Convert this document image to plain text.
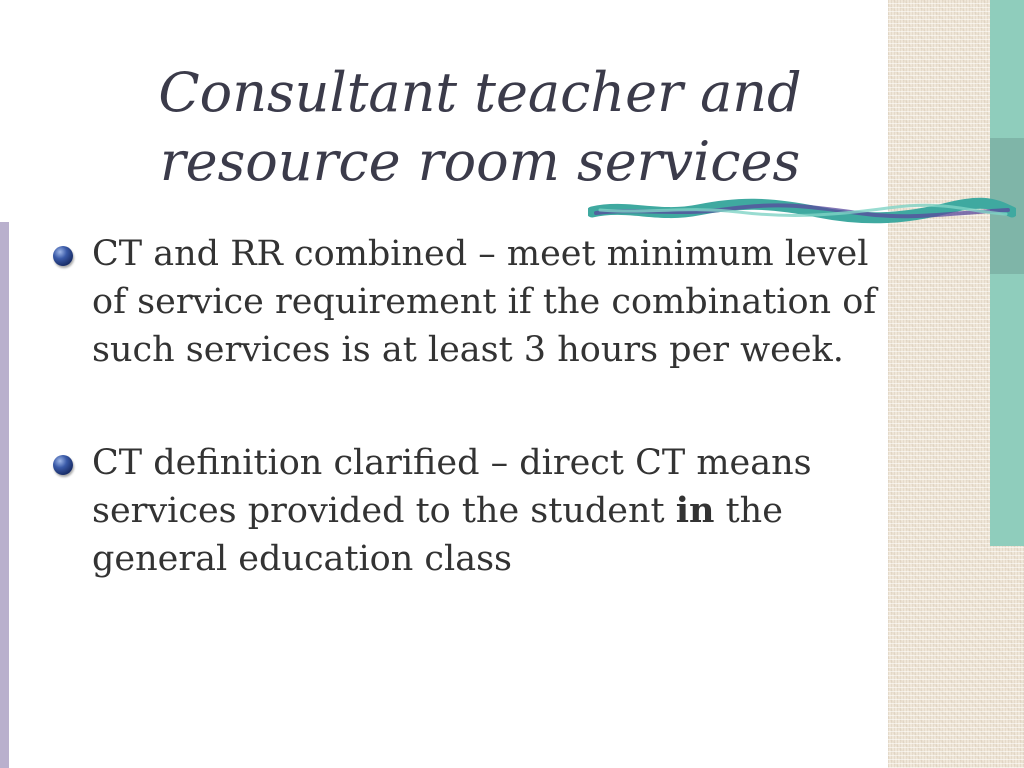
Consultant teacher and resource room services
CT and RR combined – meet minimum level of service requirement if the combination of such services is at least 3 hours per week.
CT definition clarified – direct CT means services provided to the student in the general education class
